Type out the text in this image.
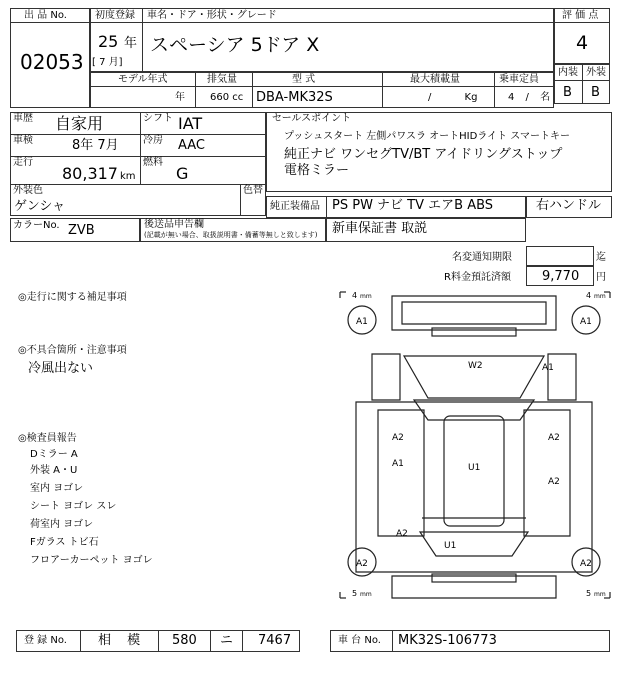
出 品 No.
02053
初度登録 車名・ドア・形状・グレード
25 年
[ 7 月]
スペーシア 5ドア X
評 価 点
4
内装 外装
B B
モデル年式	排気量	型 式	最大積載量	乗車定員
年	660 cc DBA-MK32S	/ Kg	4 / 名
車歴 自家用	シフト IAT
車検	8年 7月 冷房 AAC
走行
80,317 km
燃料
G
外装色
ゲンシャ
色替
カラーNo. ZVB	後送品申告欄
(記載が無い場合、取扱説明書・備蓄等無しと致します)
セールスポイント
プッシュスタート 左側パワスラ オートHIDライト スマートキー
純正ナビ ワンセグTV/BT アイドリングストップ
電格ミラー
純正装備品 PS PW ナビ TV エアB ABS	右ハンドル
新車保証書 取説
名変通知期限	迄
R料金預託済額 9,770 円
◎走行に関する補足事項
◎不具合箇所・注意事項
冷風出ない
◎検査員報告
Dミラー A
外装 A・U
室内 ヨゴレ
シート ヨゴレ スレ
荷室内 ヨゴレ
Fガラス トビ石
フロアーカーペット ヨゴレ
4 mm	4 mm
5 mm	5 mm
A1	A1
W2	A1
A2	A2
A1	U1
A2
A2
U1
A2	A2
登 録 No. 相 模 580 ニ 7467	車 台 No. MK32S-106773
